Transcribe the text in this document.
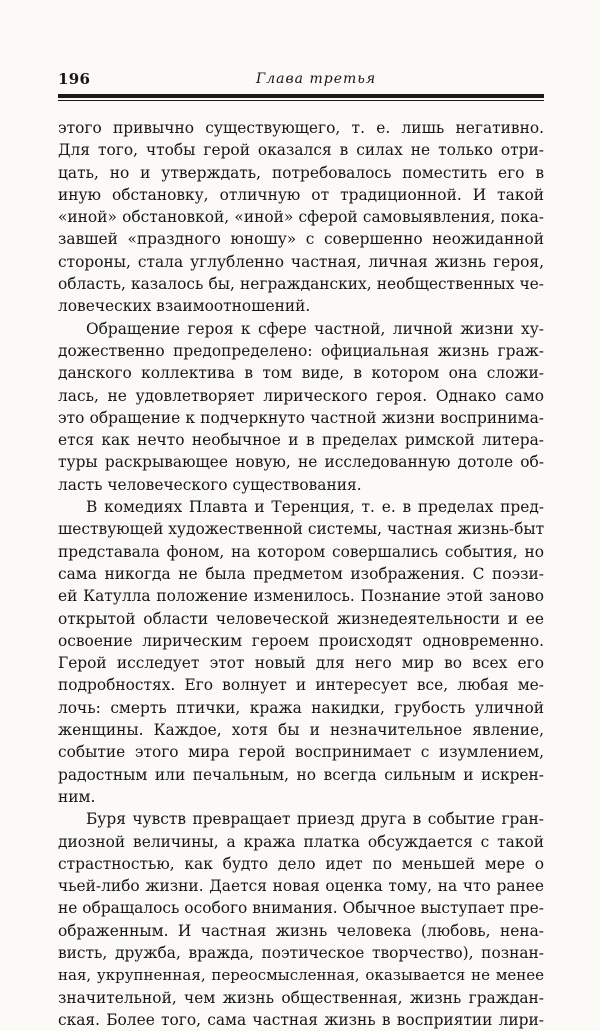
196	Глава третья
этого привычно существующего, т. е. лишь негативно.
Для того, чтобы герой оказался в силах не только отри-
цать, но и утверждать, потребовалось поместить его в
иную обстановку, отличную от традиционной. И такой
«иной» обстановкой, «иной» сферой самовыявления, пока-
завшей «праздного юношу» с совершенно неожиданной
стороны, стала углубленно частная, личная жизнь героя,
область, казалось бы, негражданских, необщественных че-
ловеческих взаимоотношений.
Обращение героя к сфере частной, личной жизни ху-
дожественно предопределено: официальная жизнь граж-
данского коллектива в том виде, в котором она сложи-
лась, не удовлетворяет лирического героя. Однако само
это обращение к подчеркнуто частной жизни воспринима-
ется как нечто необычное и в пределах римской литера-
туры раскрывающее новую, не исследованную дотоле об-
ласть человеческого существования.
В комедиях Плавта и Теренция, т. е. в пределах пред-
шествующей художественной системы, частная жизнь-быт
представала фоном, на котором совершались события, но
сама никогда не была предметом изображения. С поэзи-
ей Катулла положение изменилось. Познание этой заново
открытой области человеческой жизнедеятельности и ее
освоение лирическим героем происходят одновременно.
Герой исследует этот новый для него мир во всех его
подробностях. Его волнует и интересует все, любая ме-
лочь: смерть птички, кража накидки, грубость уличной
женщины. Каждое, хотя бы и незначительное явление,
событие этого мира герой воспринимает с изумлением,
радостным или печальным, но всегда сильным и искрен-
ним.
Буря чувств превращает приезд друга в событие гран-
диозной величины, а кража платка обсуждается с такой
страстностью, как будто дело идет по меньшей мере о
чьей-либо жизни. Дается новая оценка тому, на что ранее
не обращалось особого внимания. Обычное выступает пре-
ображенным. И частная жизнь человека (любовь, нена-
висть, дружба, вражда, поэтическое творчество), познан-
ная, укрупненная, переосмысленная, оказывается не менее
значительной, чем жизнь общественная, жизнь граждан-
ская. Более того, сама частная жизнь в восприятии лири-
